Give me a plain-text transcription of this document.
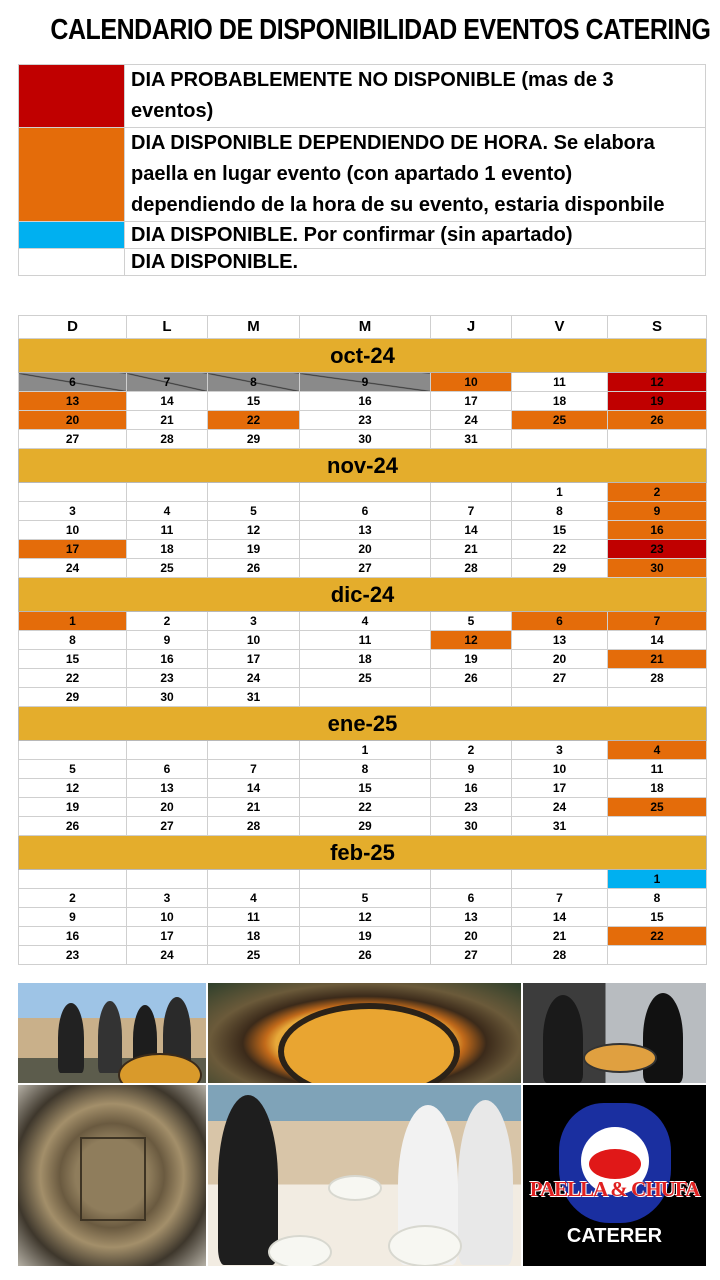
CALENDARIO DE DISPONIBILIDAD EVENTOS CATERING
	DIA PROBABLEMENTE NO DISPONIBLE (mas de 3 eventos)
	DIA DISPONIBLE DEPENDIENDO DE HORA. Se elabora paella en lugar evento (con apartado 1 evento) dependiendo de la hora de su evento, estaria disponbile
	DIA DISPONIBLE. Por confirmar (sin apartado)
	DIA DISPONIBLE.
D	L	M	M	J	V	S
oct-24						
6	7	8	9	10	11	12
13	14	15	16	17	18	19
20	21	22	23	24	25	26
27	28	29	30	31		
nov-24						
					1	2
3	4	5	6	7	8	9
10	11	12	13	14	15	16
17	18	19	20	21	22	23
24	25	26	27	28	29	30
dic-24						
1	2	3	4	5	6	7
8	9	10	11	12	13	14
15	16	17	18	19	20	21
22	23	24	25	26	27	28
29	30	31				
ene-25						
			1	2	3	4
5	6	7	8	9	10	11
12	13	14	15	16	17	18
19	20	21	22	23	24	25
26	27	28	29	30	31	
feb-25						
						1
2	3	4	5	6	7	8
9	10	11	12	13	14	15
16	17	18	19	20	21	22
23	24	25	26	27	28	
PAELLA & CHUFA
CATERER
